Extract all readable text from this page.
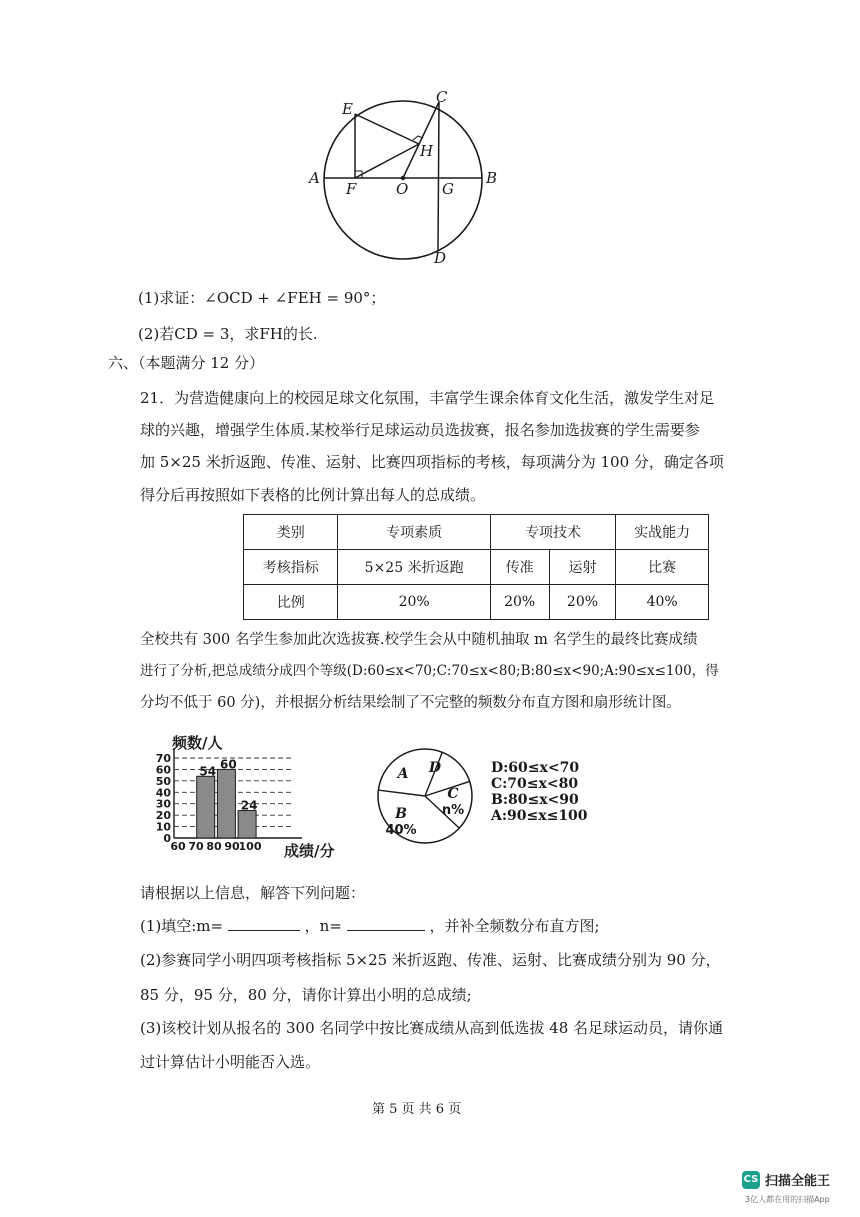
E
C
H
A
F	O G
B
D
(1)求证：∠OCD + ∠FEH = 90°；
(2)若CD = 3，求FH的长.
六、（本题满分 12 分）
21．为营造健康向上的校园足球文化氛围，丰富学生课余体育文化生活，激发学生对足
球的兴趣，增强学生体质.某校举行足球运动员选拔赛，报名参加选拔赛的学生需要参
加 5×25 米折返跑、传准、运射、比赛四项指标的考核，每项满分为 100 分，确定各项
得分后再按照如下表格的比例计算出每人的总成绩。
类别	专项素质	专项技术		实战能力
考核指标	5×25 米折返跑	传准	运射	比赛
比例	20%	20%	20%	40%
全校共有 300 名学生参加此次选拔赛.校学生会从中随机抽取 m 名学生的最终比赛成绩
进行了分析,把总成绩分成四个等级(D:60≤x<70;C:70≤x<80;B:80≤x<90;A:90≤x≤100，得
分均不低于 60 分)，并根据分析结果绘制了不完整的频数分布直方图和扇形统计图。
频数/人
成绩/分
0
10
20
30
40
50
60
70
60 70 80 90
100
54 60
24
A D
C
n%
B
40%
D:60≤x<70
C:70≤x<80
B:80≤x<90
A:90≤x≤100
请根据以上信息，解答下列问题：
(1)填空:m=	，n=	，并补全频数分布直方图;
(2)参赛同学小明四项考核指标 5×25 米折返跑、传准、运射、比赛成绩分别为 90 分，
85 分，95 分，80 分，请你计算出小明的总成绩;
(3)该校计划从报名的 300 名同学中按比赛成绩从高到低选拔 48 名足球运动员，请你通
过计算估计小明能否入选。
第 5 页 共 6 页
CS 扫描全能王
3亿人都在用的扫描App
